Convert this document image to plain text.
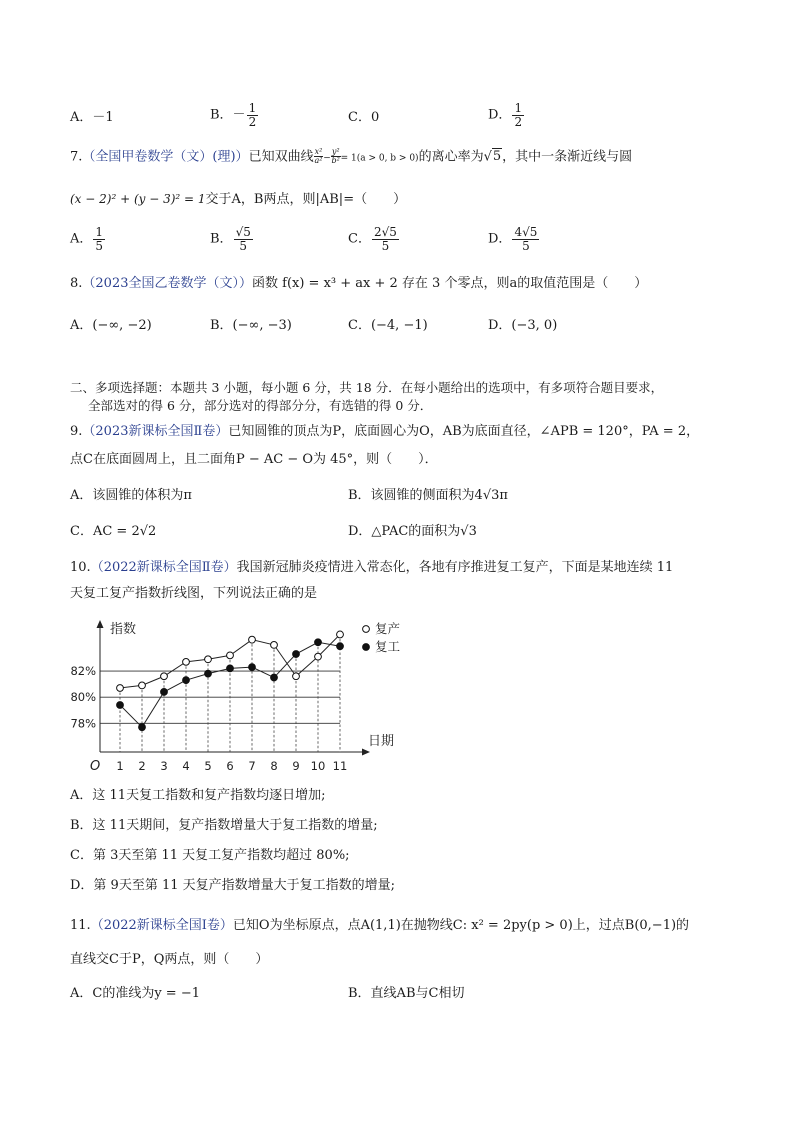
A．－1	B．－ $\frac{1}{2}$	C．0	D． $\frac{1}{2}$
7.（全国甲卷数学（文）(理)）已知双曲线 $\frac{\text{x²}}{\text{a²}}- \frac{\text{y²}}{\text{b²}}= 1(a > 0$, b > 0)的离心率为√5，其中一条渐近线与圆
(x − 2)² + (y − 3)² = 1交于A，B两点，则|AB|=（　　）
A． $\frac{1}{5}$	B． $\frac{√5}{5}$	C． $\frac{2√5}{5}$	D． $\frac{4√5}{5}$
8.（2023全国乙卷数学（文））函数 f(x) = x³ + ax + 2 存在 3 个零点，则a的取值范围是（　　）
A．(−∞, −2)	B．(−∞, −3)	C．(−4, −1)	D．(−3, 0)
二、多项选择题：本题共 3 小题，每小题 6 分，共 18 分．在每小题给出的选项中，有多项符合题目要求，
全部选对的得 6 分，部分选对的得部分分，有选错的得 0 分．
9.（2023新课标全国Ⅱ卷）已知圆锥的顶点为P，底面圆心为O，AB为底面直径，∠APB = 120°，PA = 2，
点C在底面圆周上，且二面角P − AC − O为 45°，则（　　）．
A．该圆锥的体积为π	B．该圆锥的侧面积为4√3π
C．AC = 2√2	D．△PAC的面积为√3
10.（2022新课标全国Ⅱ卷）我国新冠肺炎疫情进入常态化，各地有序推进复工复产，下面是某地连续 11
天复工复产指数折线图，下列说法正确的是
82%
80%
78%
指数
日期
O 1 2 3 4 5 6 7 8 9 10 11
复产
复工
A．这 11天复工指数和复产指数均逐日增加;
B．这 11天期间，复产指数增量大于复工指数的增量;
C．第 3天至第 11 天复工复产指数均超过 80%;
D．第 9天至第 11 天复产指数增量大于复工指数的增量;
11.（2022新课标全国Ⅰ卷）已知O为坐标原点，点A(1,1)在抛物线C: x² = 2py(p > 0)上，过点B(0,−1)的
直线交C于P，Q两点，则（　　）
A．C的准线为y = −1	B．直线AB与C相切
